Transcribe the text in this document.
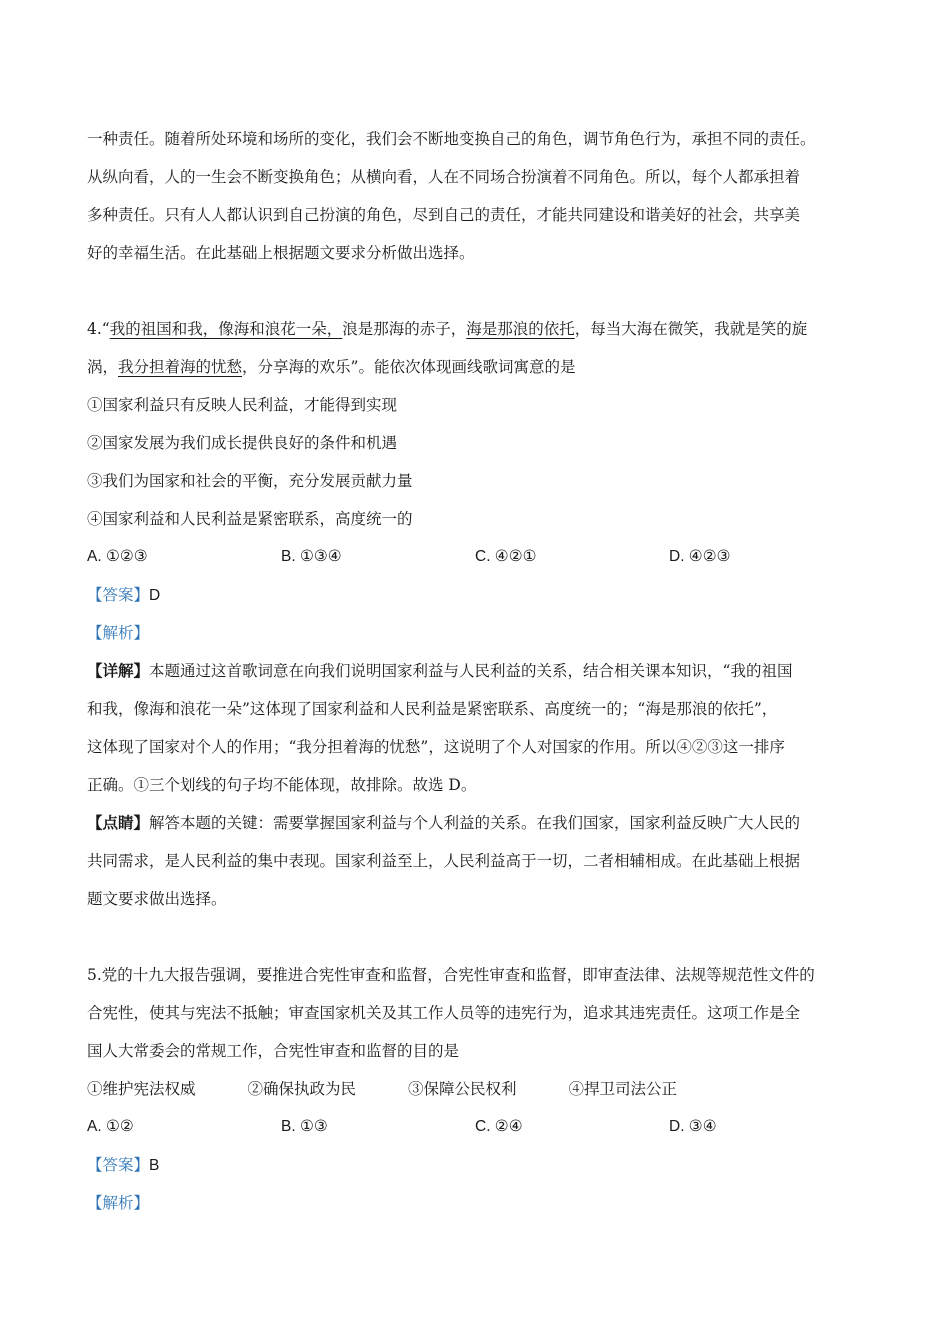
一种责任。随着所处环境和场所的变化，我们会不断地变换自己的角色，调节角色行为，承担不同的责任。
从纵向看，人的一生会不断变换角色；从横向看，人在不同场合扮演着不同角色。所以，每个人都承担着
多种责任。只有人人都认识到自己扮演的角色，尽到自己的责任，才能共同建设和谐美好的社会，共享美
好的幸福生活。在此基础上根据题文要求分析做出选择。
4.“我的祖国和我，像海和浪花一朵，浪是那海的赤子，海是那浪的依托，每当大海在微笑，我就是笑的旋
涡，我分担着海的忧愁，分享海的欢乐”。能依次体现画线歌词寓意的是
①国家利益只有反映人民利益，才能得到实现
②国家发展为我们成长提供良好的条件和机遇
③我们为国家和社会的平衡，充分发展贡献力量
④国家利益和人民利益是紧密联系，高度统一的
A. ①②③	B. ①③④	C. ④②①	D. ④②③
【答案】D
【解析】
【详解】本题通过这首歌词意在向我们说明国家利益与人民利益的关系，结合相关课本知识，“我的祖国
和我，像海和浪花一朵”这体现了国家利益和人民利益是紧密联系、高度统一的；“海是那浪的依托”，
这体现了国家对个人的作用；“我分担着海的忧愁”，这说明了个人对国家的作用。所以④②③这一排序
正确。①三个划线的句子均不能体现，故排除。故选 D。
【点睛】解答本题的关键：需要掌握国家利益与个人利益的关系。在我们国家，国家利益反映广大人民的
共同需求，是人民利益的集中表现。国家利益至上，人民利益高于一切，二者相辅相成。在此基础上根据
题文要求做出选择。
5.党的十九大报告强调，要推进合宪性审查和监督，合宪性审查和监督，即审查法律、法规等规范性文件的
合宪性，使其与宪法不抵触；审查国家机关及其工作人员等的违宪行为，追求其违宪责任。这项工作是全
国人大常委会的常规工作，合宪性审查和监督的目的是
①维护宪法权威	②确保执政为民	③保障公民权利	④捍卫司法公正
A. ①②	B. ①③	C. ②④	D. ③④
【答案】B
【解析】
